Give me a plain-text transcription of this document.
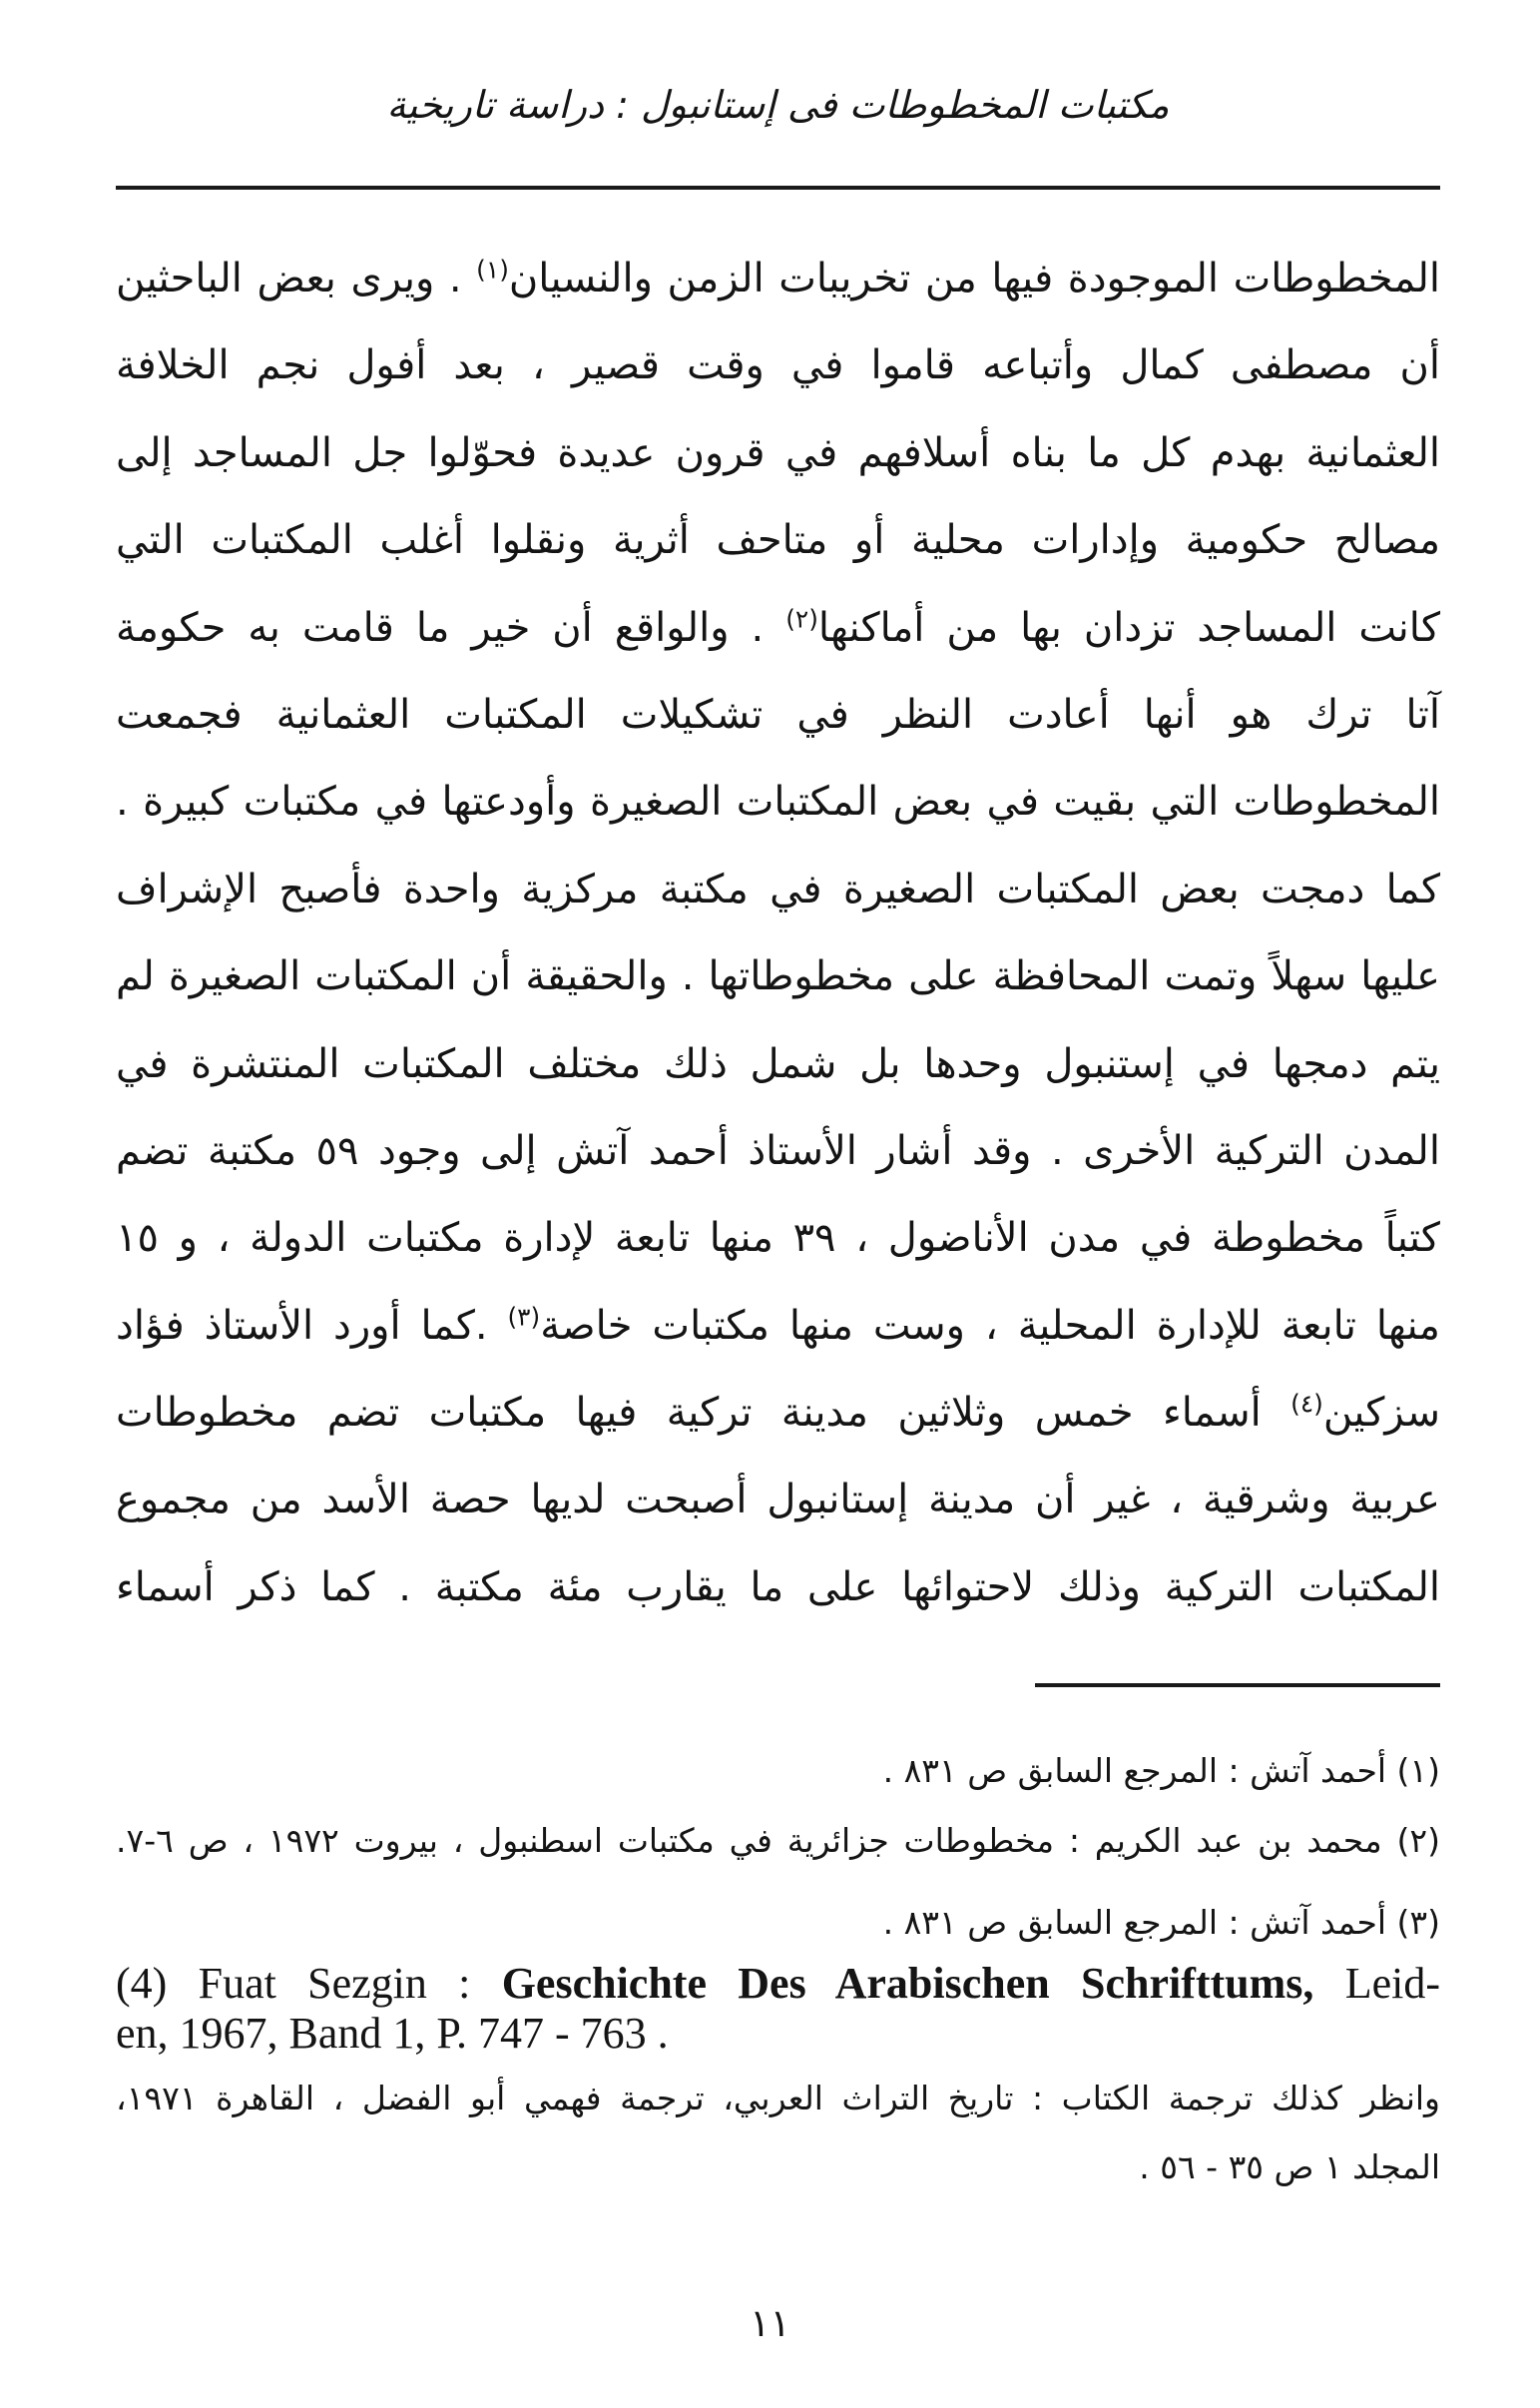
مكتبات المخطوطات فى إستانبول : دراسة تاريخية
المخطوطات الموجودة فيها من تخريبات الزمن والنسيان$^{(١)}$ . ويرى بعض الباحثين
أن مصطفى كمال وأتباعه قاموا في وقت قصير ، بعد أفول نجم الخلافة
العثمانية بهدم كل ما بناه أسلافهم في قرون عديدة فحوّلوا جل المساجد إلى
مصالح حكومية وإدارات محلية أو متاحف أثرية ونقلوا أغلب المكتبات التي
كانت المساجد تزدان بها من أماكنها$^{(٢)}$ . والواقع أن خير ما قامت به حكومة
آتا ترك هو أنها أعادت النظر في تشكيلات المكتبات العثمانية فجمعت
المخطوطات التي بقيت في بعض المكتبات الصغيرة وأودعتها في مكتبات كبيرة .
كما دمجت بعض المكتبات الصغيرة في مكتبة مركزية واحدة فأصبح الإشراف
عليها سهلاً وتمت المحافظة على مخطوطاتها . والحقيقة أن المكتبات الصغيرة لم
يتم دمجها في إستنبول وحدها بل شمل ذلك مختلف المكتبات المنتشرة في
المدن التركية الأخرى . وقد أشار الأستاذ أحمد آتش إلى وجود ٥٩ مكتبة تضم
كتباً مخطوطة في مدن الأناضول ، ٣٩ منها تابعة لإدارة مكتبات الدولة ، و ١٥
منها تابعة للإدارة المحلية ، وست منها مكتبات خاصة$^{(٣)}$ .كما أورد الأستاذ فؤاد
سزكين$^{(٤)}$ أسماء خمس وثلاثين مدينة تركية فيها مكتبات تضم مخطوطات
عربية وشرقية ، غير أن مدينة إستانبول أصبحت لديها حصة الأسد من مجموع
المكتبات التركية وذلك لاحتوائها على ما يقارب مئة مكتبة . كما ذكر أسماء
(١) أحمد آتش : المرجع السابق ص ٨٣١ .
(٢) محمد بن عبد الكريم : مخطوطات جزائرية في مكتبات اسطنبول ، بيروت ١٩٧٢ ، ص ٦-٧.
(٣) أحمد آتش : المرجع السابق ص ٨٣١ .
(4) Fuat Sezgin : Geschichte Des Arabischen Schrifttums, Leid-
en, 1967, Band 1, P. 747 - 763 .
وانظر كذلك ترجمة الكتاب : تاريخ التراث العربي، ترجمة فهمي أبو الفضل ، القاهرة ١٩٧١،
المجلد ١ ص ٣٥ - ٥٦ .
١١
